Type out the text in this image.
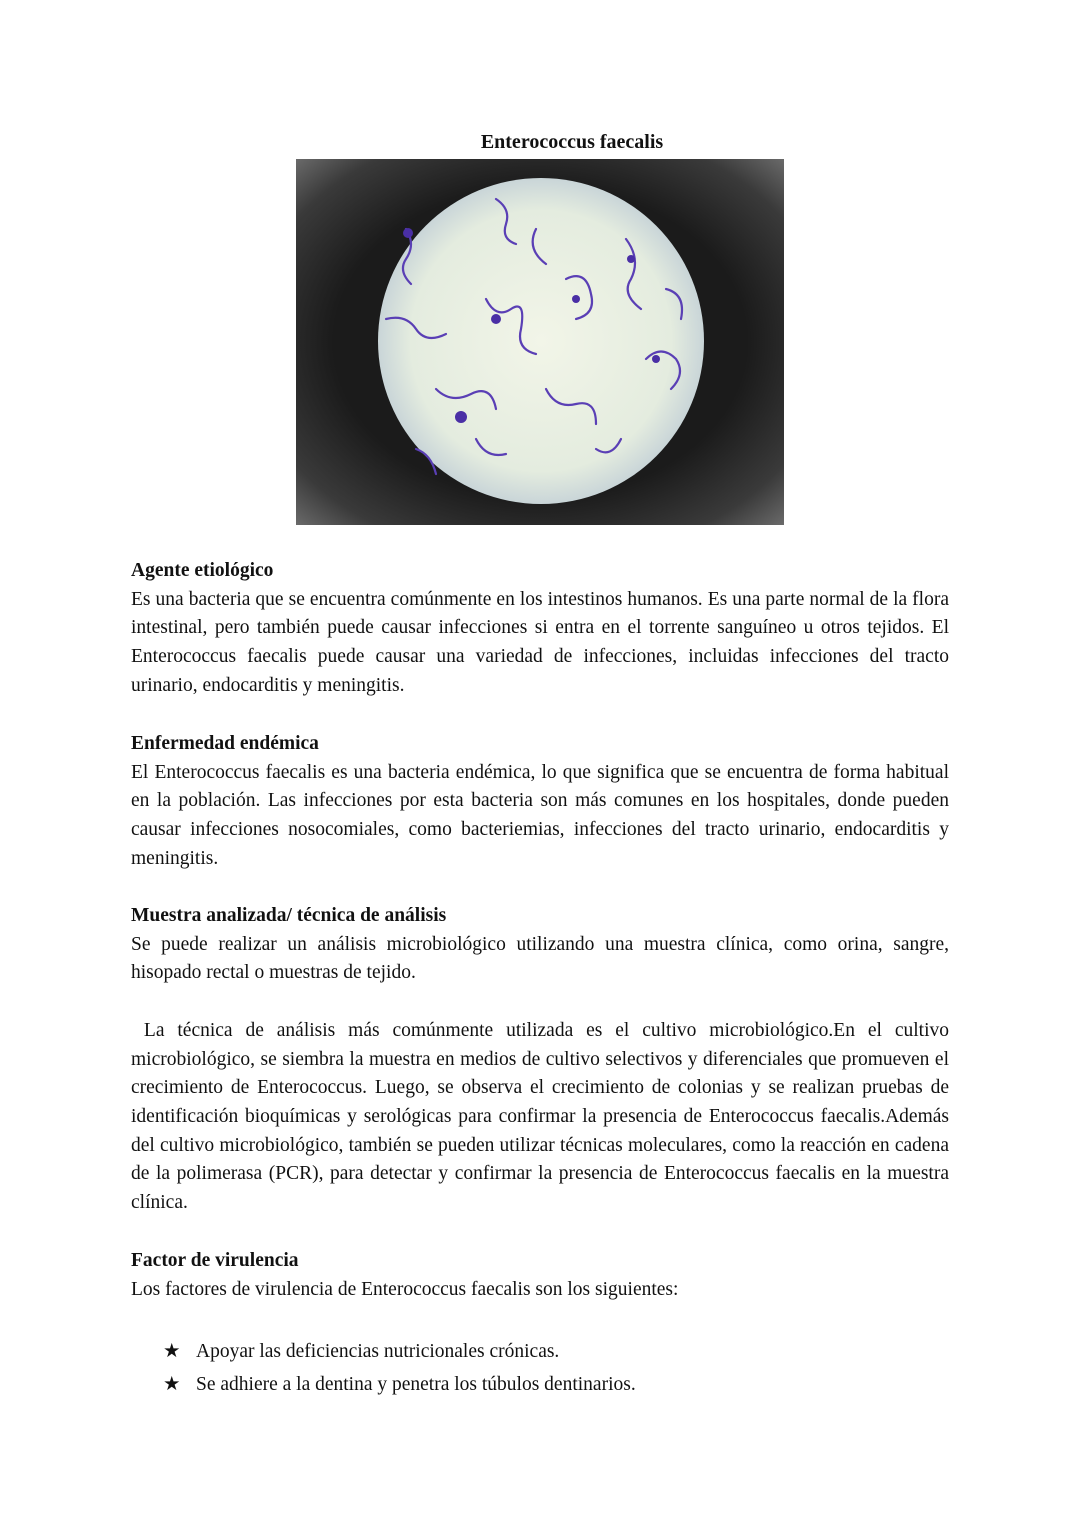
Enterococcus faecalis
Agente etiológico

Es una bacteria que se encuentra comúnmente en los intestinos humanos. Es una parte normal de la flora intestinal, pero también puede causar infecciones si entra en el torrente sanguíneo u otros tejidos. El Enterococcus faecalis puede causar una variedad de infecciones, incluidas infecciones del tracto urinario, endocarditis y meningitis.

Enfermedad endémica

El Enterococcus faecalis es una bacteria endémica, lo que significa que se encuentra de forma habitual en la población. Las infecciones por esta bacteria son más comunes en los hospitales, donde pueden causar infecciones nosocomiales, como bacteriemias, infecciones del tracto urinario, endocarditis y meningitis.

Muestra analizada/ técnica de análisis

Se puede realizar un análisis microbiológico utilizando una muestra clínica, como orina, sangre, hisopado rectal o muestras de tejido.

La técnica de análisis más comúnmente utilizada es el cultivo microbiológico.En el cultivo microbiológico, se siembra la muestra en medios de cultivo selectivos y diferenciales que promueven el crecimiento de Enterococcus. Luego, se observa el crecimiento de colonias y se realizan pruebas de identificación bioquímicas y serológicas para confirmar la presencia de Enterococcus faecalis.Además del cultivo microbiológico, también se pueden utilizar técnicas moleculares, como la reacción en cadena de la polimerasa (PCR), para detectar y confirmar la presencia de Enterococcus faecalis en la muestra clínica.

Factor de virulencia

Los factores de virulencia de Enterococcus faecalis son los siguientes:

★ Apoyar las deficiencias nutricionales crónicas.
★ Se adhiere a la dentina y penetra los túbulos dentinarios.
